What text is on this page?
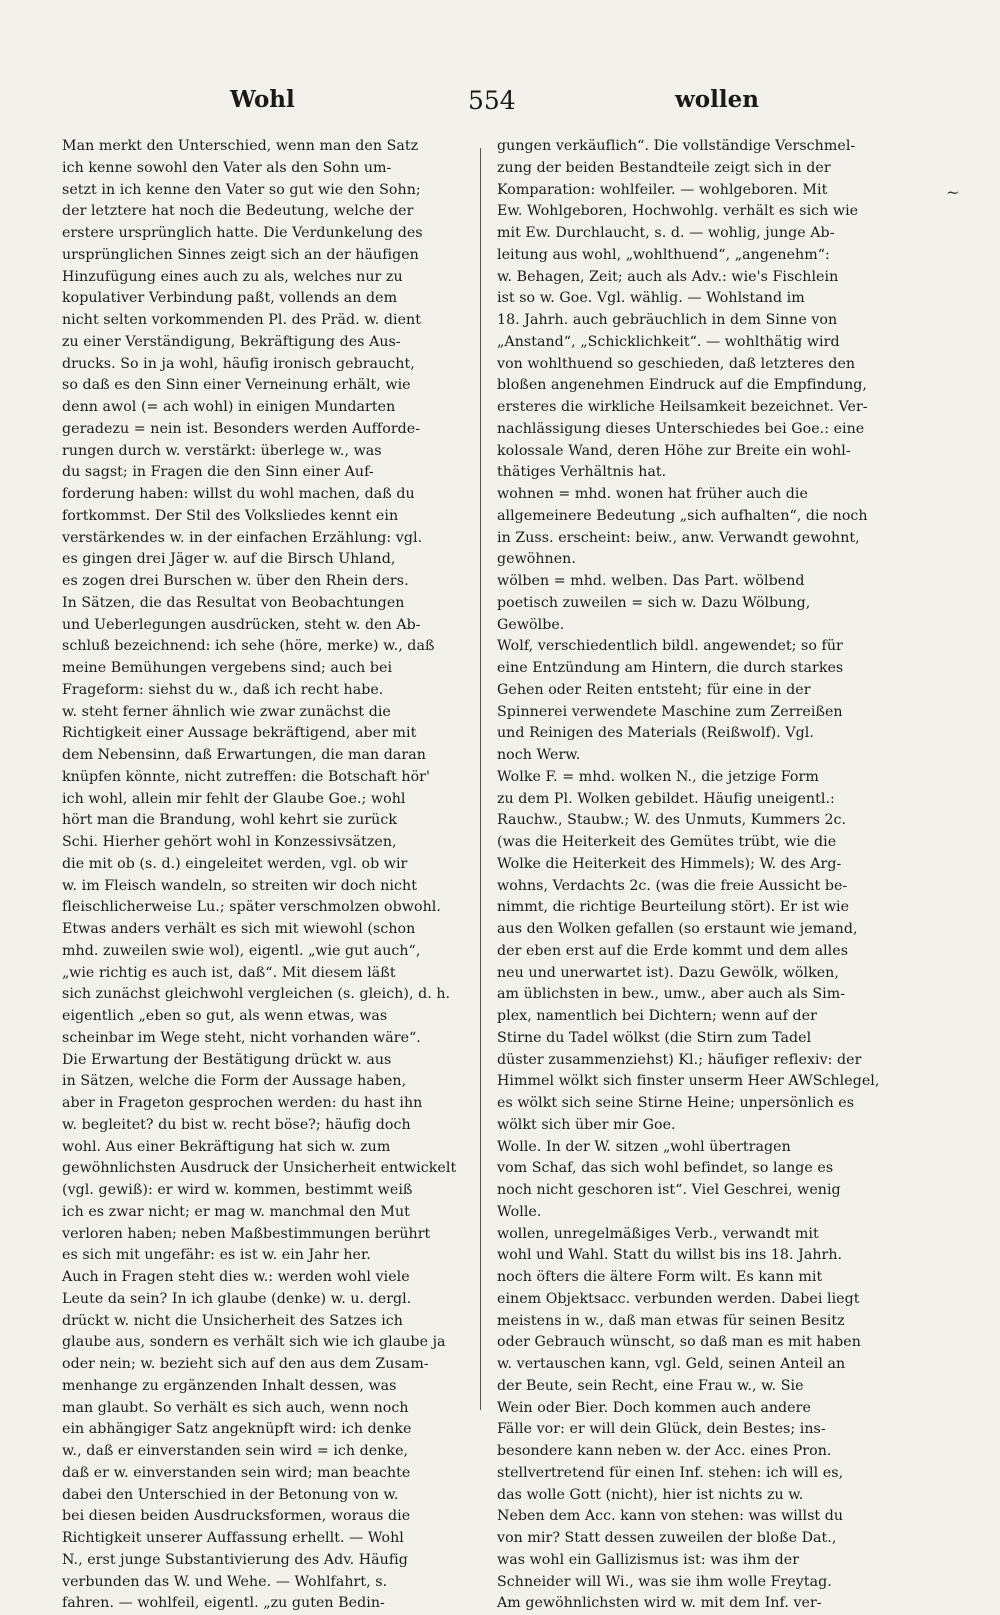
Wohl	554	wollen
~
Man merkt den Unterschied, wenn man den Satz
ich kenne sowohl den Vater als den Sohn um-
setzt in ich kenne den Vater so gut wie den Sohn;
der letztere hat noch die Bedeutung, welche der
erstere ursprünglich hatte. Die Verdunkelung des
ursprünglichen Sinnes zeigt sich an der häufigen
Hinzufügung eines auch zu als, welches nur zu
kopulativer Verbindung paßt, vollends an dem
nicht selten vorkommenden Pl. des Präd. w. dient
zu einer Verständigung, Bekräftigung des Aus-
drucks. So in ja wohl, häufig ironisch gebraucht,
so daß es den Sinn einer Verneinung erhält, wie
denn awol (= ach wohl) in einigen Mundarten
geradezu = nein ist. Besonders werden Aufforde-
rungen durch w. verstärkt: überlege w., was
du sagst; in Fragen die den Sinn einer Auf-
forderung haben: willst du wohl machen, daß du
fortkommst. Der Stil des Volksliedes kennt ein
verstärkendes w. in der einfachen Erzählung: vgl.
es gingen drei Jäger w. auf die Birsch Uhland,
es zogen drei Burschen w. über den Rhein ders.
In Sätzen, die das Resultat von Beobachtungen
und Ueberlegungen ausdrücken, steht w. den Ab-
schluß bezeichnend: ich sehe (höre, merke) w., daß
meine Bemühungen vergebens sind; auch bei
Frageform: siehst du w., daß ich recht habe.
w. steht ferner ähnlich wie zwar zunächst die
Richtigkeit einer Aussage bekräftigend, aber mit
dem Nebensinn, daß Erwartungen, die man daran
knüpfen könnte, nicht zutreffen: die Botschaft hör'
ich wohl, allein mir fehlt der Glaube Goe.; wohl
hört man die Brandung, wohl kehrt sie zurück
Schi. Hierher gehört wohl in Konzessivsätzen,
die mit ob (s. d.) eingeleitet werden, vgl. ob wir
w. im Fleisch wandeln, so streiten wir doch nicht
fleischlicherweise Lu.; später verschmolzen obwohl.
Etwas anders verhält es sich mit wiewohl (schon
mhd. zuweilen swie wol), eigentl. „wie gut auch“,
„wie richtig es auch ist, daß“. Mit diesem läßt
sich zunächst gleichwohl vergleichen (s. gleich), d. h.
eigentlich „eben so gut, als wenn etwas, was
scheinbar im Wege steht, nicht vorhanden wäre“.
Die Erwartung der Bestätigung drückt w. aus
in Sätzen, welche die Form der Aussage haben,
aber in Frageton gesprochen werden: du hast ihn
w. begleitet? du bist w. recht böse?; häufig doch
wohl. Aus einer Bekräftigung hat sich w. zum
gewöhnlichsten Ausdruck der Unsicherheit entwickelt
(vgl. gewiß): er wird w. kommen, bestimmt weiß
ich es zwar nicht; er mag w. manchmal den Mut
verloren haben; neben Maßbestimmungen berührt
es sich mit ungefähr: es ist w. ein Jahr her.
Auch in Fragen steht dies w.: werden wohl viele
Leute da sein? In ich glaube (denke) w. u. dergl.
drückt w. nicht die Unsicherheit des Satzes ich
glaube aus, sondern es verhält sich wie ich glaube ja
oder nein; w. bezieht sich auf den aus dem Zusam-
menhange zu ergänzenden Inhalt dessen, was
man glaubt. So verhält es sich auch, wenn noch
ein abhängiger Satz angeknüpft wird: ich denke
w., daß er einverstanden sein wird = ich denke,
daß er w. einverstanden sein wird; man beachte
dabei den Unterschied in der Betonung von w.
bei diesen beiden Ausdrucksformen, woraus die
Richtigkeit unserer Auffassung erhellt. — Wohl
N., erst junge Substantivierung des Adv. Häufig
verbunden das W. und Wehe. — Wohlfahrt, s.
fahren. — wohlfeil, eigentl. „zu guten Bedin-
gungen verkäuflich“. Die vollständige Verschmel-
zung der beiden Bestandteile zeigt sich in der
Komparation: wohlfeiler. — wohlgeboren. Mit
Ew. Wohlgeboren, Hochwohlg. verhält es sich wie
mit Ew. Durchlaucht, s. d. — wohlig, junge Ab-
leitung aus wohl, „wohlthuend“, „angenehm“:
w. Behagen, Zeit; auch als Adv.: wie's Fischlein
ist so w. Goe. Vgl. wählig. — Wohlstand im
18. Jahrh. auch gebräuchlich in dem Sinne von
„Anstand“, „Schicklichkeit“. — wohlthätig wird
von wohlthuend so geschieden, daß letzteres den
bloßen angenehmen Eindruck auf die Empfindung,
ersteres die wirkliche Heilsamkeit bezeichnet. Ver-
nachlässigung dieses Unterschiedes bei Goe.: eine
kolossale Wand, deren Höhe zur Breite ein wohl-
thätiges Verhältnis hat.
wohnen = mhd. wonen hat früher auch die
allgemeinere Bedeutung „sich aufhalten“, die noch
in Zuss. erscheint: beiw., anw. Verwandt gewohnt,
gewöhnen.
wölben = mhd. welben. Das Part. wölbend
poetisch zuweilen = sich w. Dazu Wölbung,
Gewölbe.
Wolf, verschiedentlich bildl. angewendet; so für
eine Entzündung am Hintern, die durch starkes
Gehen oder Reiten entsteht; für eine in der
Spinnerei verwendete Maschine zum Zerreißen
und Reinigen des Materials (Reißwolf). Vgl.
noch Werw.
Wolke F. = mhd. wolken N., die jetzige Form
zu dem Pl. Wolken gebildet. Häufig uneigentl.:
Rauchw., Staubw.; W. des Unmuts, Kummers 2c.
(was die Heiterkeit des Gemütes trübt, wie die
Wolke die Heiterkeit des Himmels); W. des Arg-
wohns, Verdachts 2c. (was die freie Aussicht be-
nimmt, die richtige Beurteilung stört). Er ist wie
aus den Wolken gefallen (so erstaunt wie jemand,
der eben erst auf die Erde kommt und dem alles
neu und unerwartet ist). Dazu Gewölk, wölken,
am üblichsten in bew., umw., aber auch als Sim-
plex, namentlich bei Dichtern; wenn auf der
Stirne du Tadel wölkst (die Stirn zum Tadel
düster zusammenziehst) Kl.; häufiger reflexiv: der
Himmel wölkt sich finster unserm Heer AWSchlegel,
es wölkt sich seine Stirne Heine; unpersönlich es
wölkt sich über mir Goe.
Wolle. In der W. sitzen „wohl übertragen
vom Schaf, das sich wohl befindet, so lange es
noch nicht geschoren ist“. Viel Geschrei, wenig
Wolle.
wollen, unregelmäßiges Verb., verwandt mit
wohl und Wahl. Statt du willst bis ins 18. Jahrh.
noch öfters die ältere Form wilt. Es kann mit
einem Objektsacc. verbunden werden. Dabei liegt
meistens in w., daß man etwas für seinen Besitz
oder Gebrauch wünscht, so daß man es mit haben
w. vertauschen kann, vgl. Geld, seinen Anteil an
der Beute, sein Recht, eine Frau w., w. Sie
Wein oder Bier. Doch kommen auch andere
Fälle vor: er will dein Glück, dein Bestes; ins-
besondere kann neben w. der Acc. eines Pron.
stellvertretend für einen Inf. stehen: ich will es,
das wolle Gott (nicht), hier ist nichts zu w.
Neben dem Acc. kann von stehen: was willst du
von mir? Statt dessen zuweilen der bloße Dat.,
was wohl ein Gallizismus ist: was ihm der
Schneider will Wi., was sie ihm wolle Freytag.
Am gewöhnlichsten wird w. mit dem Inf. ver-
